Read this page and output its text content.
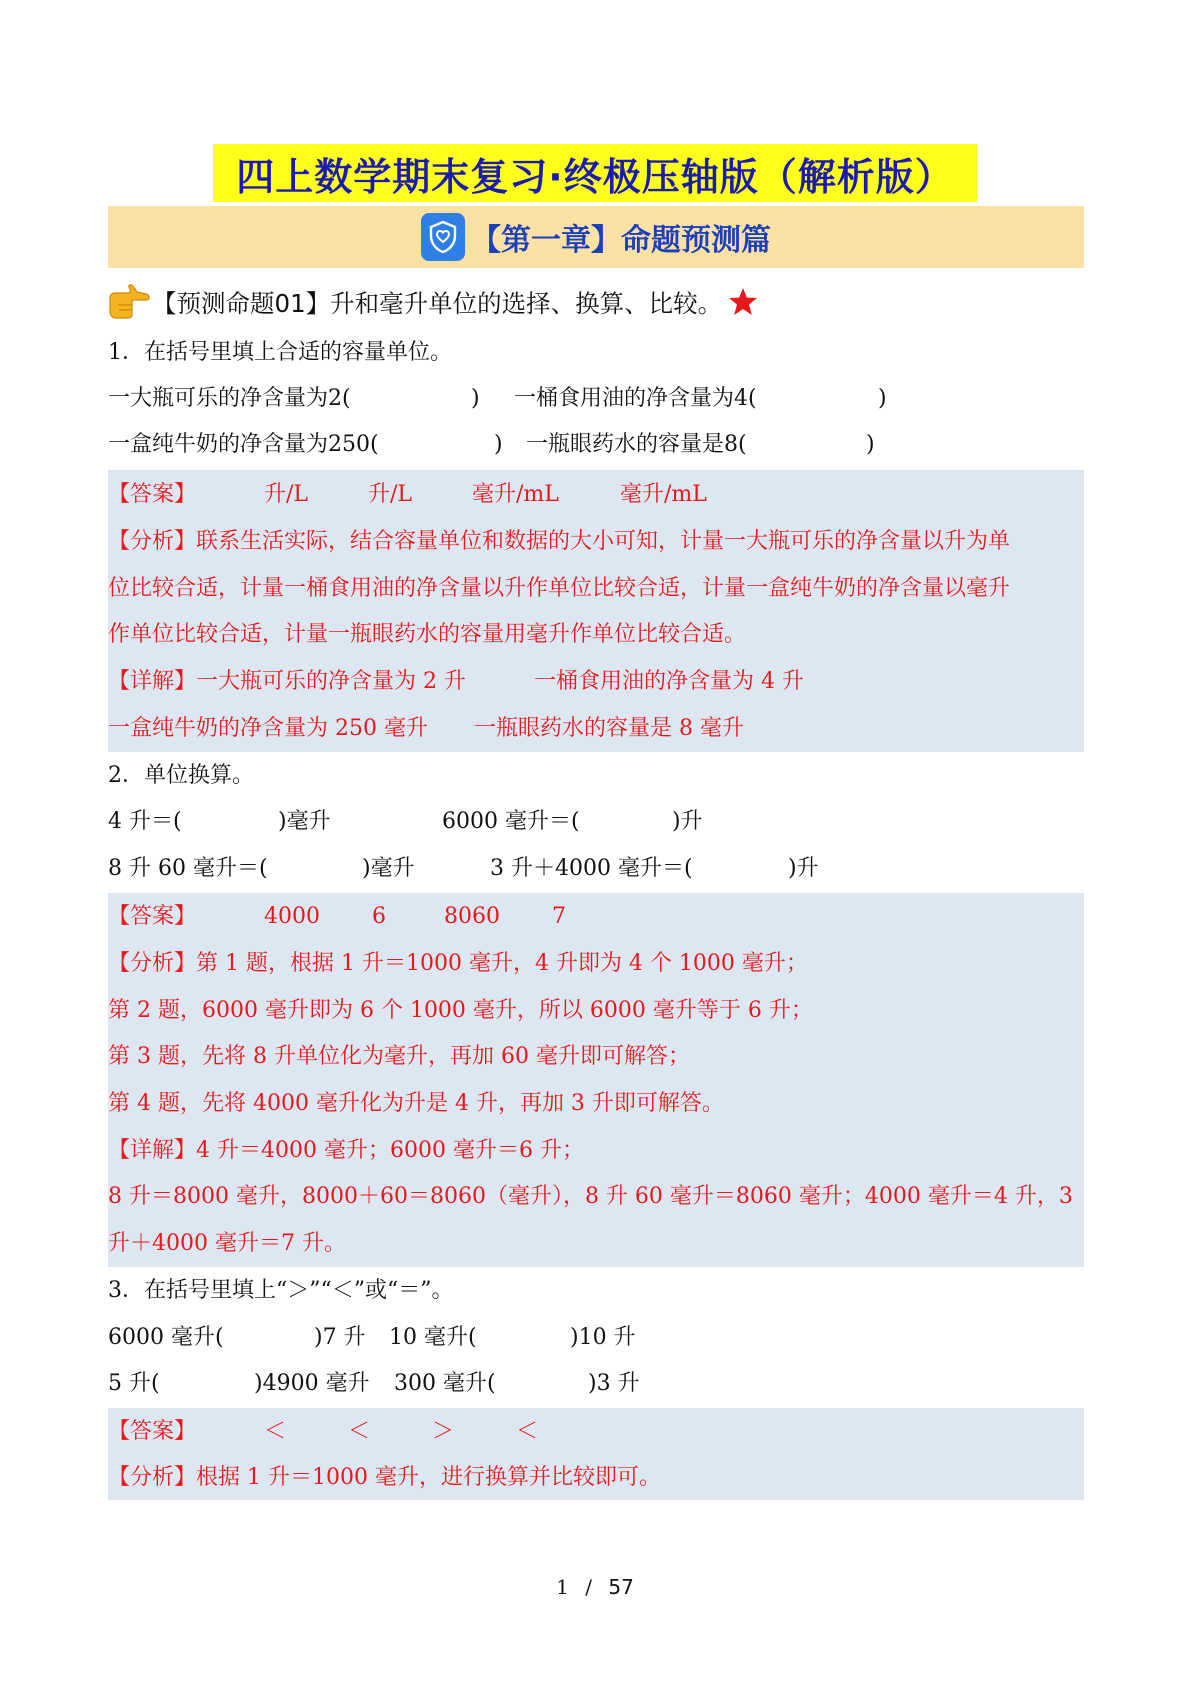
四上数学期末复习·终极压轴版（解析版）
【第一章】命题预测篇
【预测命题01】升和毫升单位的选择、换算、比较。
1．在括号里填上合适的容量单位。
一大瓶可乐的净含量为2(	) 一桶食用油的净含量为4(	)
一盒纯牛奶的净含量为250(	) 一瓶眼药水的容量是8(	)
【答案】	升/L	升/L	毫升/mL	毫升/mL
【分析】联系生活实际，结合容量单位和数据的大小可知，计量一大瓶可乐的净含量以升为单
位比较合适，计量一桶食用油的净含量以升作单位比较合适，计量一盒纯牛奶的净含量以毫升
作单位比较合适，计量一瓶眼药水的容量用毫升作单位比较合适。
【详解】一大瓶可乐的净含量为 2 升	一桶食用油的净含量为 4 升
一盒纯牛奶的净含量为 250 毫升 一瓶眼药水的容量是 8 毫升
2．单位换算。
4 升＝(	)毫升	6000 毫升＝(	)升
8 升 60 毫升＝(	)毫升	3 升＋4000 毫升＝(	)升
【答案】	4000 6	8060 7
【分析】第 1 题，根据 1 升＝1000 毫升，4 升即为 4 个 1000 毫升；
第 2 题，6000 毫升即为 6 个 1000 毫升，所以 6000 毫升等于 6 升；
第 3 题，先将 8 升单位化为毫升，再加 60 毫升即可解答；
第 4 题，先将 4000 毫升化为升是 4 升，再加 3 升即可解答。
【详解】4 升＝4000 毫升；6000 毫升＝6 升；
8 升＝8000 毫升，8000＋60＝8060（毫升），8 升 60 毫升＝8060 毫升；4000 毫升＝4 升，3
升＋4000 毫升＝7 升。
3．在括号里填上“＞”“＜”或“＝”。
6000 毫升(	)7 升 10 毫升(	)10 升
5 升(	)4900 毫升 300 毫升(	)3 升
【答案】	＜	＜	＞	＜
【分析】根据 1 升＝1000 毫升，进行换算并比较即可。
1 / 57
